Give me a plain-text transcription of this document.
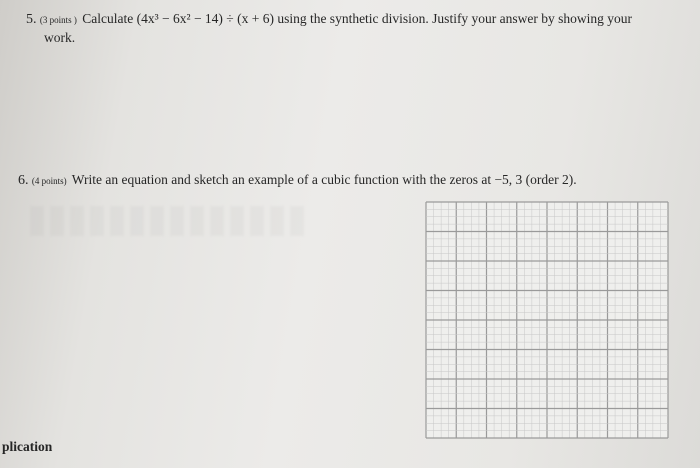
5. (3 points ) Calculate (4x³ − 6x² − 14) ÷ (x + 6) using the synthetic division. Justify your answer by showing your
work.
6. (4 points) Write an equation and sketch an example of a cubic function with the zeros at −5, 3 (order 2).
plication
